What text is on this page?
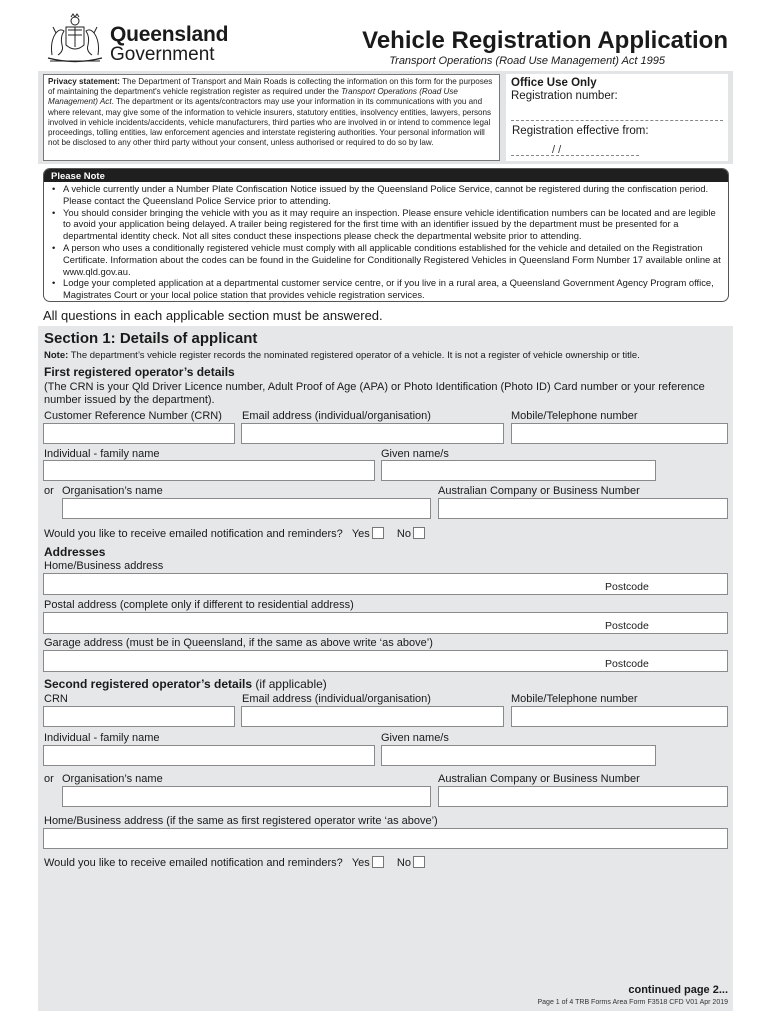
Queensland
Government
Vehicle Registration Application
Transport Operations (Road Use Management) Act 1995
Privacy statement: The Department of Transport and Main Roads is collecting the information on this form for the purposes of maintaining the department's vehicle registration register as required under the Transport Operations (Road Use Management) Act. The department or its agents/contractors may use your information in its communications with you and where relevant, may give some of the information to vehicle insurers, statutory entities, insolvency entities, lawyers, persons involved in vehicle incidents/accidents, vehicle manufacturers, third parties who are involved in or intend to commence legal proceedings, tolling entities, law enforcement agencies and interstate registering authorities. Your personal information will not be disclosed to any other third party without your consent, unless authorised or required to do so by law.
Office Use Only
Registration number:
Registration effective from:
/ /
Please Note
• A vehicle currently under a Number Plate Confiscation Notice issued by the Queensland Police Service, cannot be registered during the confiscation period. Please contact the Queensland Police Service prior to attending.
• You should consider bringing the vehicle with you as it may require an inspection. Please ensure vehicle identification numbers can be located and are legible to avoid your application being delayed. A trailer being registered for the first time with an identifier issued by the department must be presented for a departmental identity check. Not all sites conduct these inspections please check the departmental website prior to attending.
• A person who uses a conditionally registered vehicle must comply with all applicable conditions established for the vehicle and detailed on the Registration Certificate. Information about the codes can be found in the Guideline for Conditionally Registered Vehicles in Queensland Form Number 17 available online at www.qld.gov.au.
• Lodge your completed application at a departmental customer service centre, or if you live in a rural area, a Queensland Government Agency Program office, Magistrates Court or your local police station that provides vehicle registration services.
All questions in each applicable section must be answered.
Section 1: Details of applicant
Note: The department’s vehicle register records the nominated registered operator of a vehicle. It is not a register of vehicle ownership or title.
First registered operator’s details
(The CRN is your Qld Driver Licence number, Adult Proof of Age (APA) or Photo Identification (Photo ID) Card number or your reference number issued by the department).
Customer Reference Number (CRN) Email address (individual/organisation)	Mobile/Telephone number
Individual - family name	Given name/s
or Organisation’s name	Australian Company or Business Number
Would you like to receive emailed notification and reminders? Yes No
Addresses
Home/Business address
Postcode
Postal address (complete only if different to residential address)
Postcode
Garage address (must be in Queensland, if the same as above write ‘as above’)
Postcode
Second registered operator’s details (if applicable)
CRN	Email address (individual/organisation)	Mobile/Telephone number
Individual - family name	Given name/s
or Organisation’s name	Australian Company or Business Number
Home/Business address (if the same as first registered operator write ‘as above’)
Would you like to receive emailed notification and reminders? Yes No
continued page 2...
Page 1 of 4 TRB Forms Area Form F3518 CFD V01 Apr 2019
